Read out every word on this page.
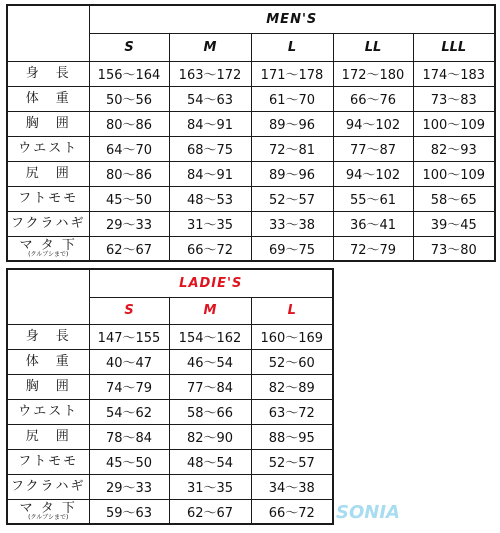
	MEN'S				
	S	M	L	LL	LLL

身　長	156～164	163～172	171～178	172～180	174～183

体　重	50～56	54～63	61～70	66～76	73～83

胸　囲	80～86	84～91	89～96	94～102	100～109

ウエスト	64～70	68～75	72～81	77～87	82～93

尻　囲	80～86	84～91	89～96	94～102	100～109

フトモモ	45～50	48～53	52～57	55～61	58～65

フクラハギ	29～33	31～35	33～38	36～41	39～45

マ タ 下
(クルブシまで)	62～67	66～72	69～75	72～79	73～80
	LADIE'S		
	S	M	L

身　長	147～155	154～162	160～169

体　重	40～47	46～54	52～60

胸　囲	74～79	77～84	82～89

ウエスト	54～62	58～66	63～72

尻　囲	78～84	82～90	88～95

フトモモ	45～50	48～54	52～57

フクラハギ	29～33	31～35	34～38

マ タ 下
(クルブシまで)	59～63	62～67	66～72 SONIA
